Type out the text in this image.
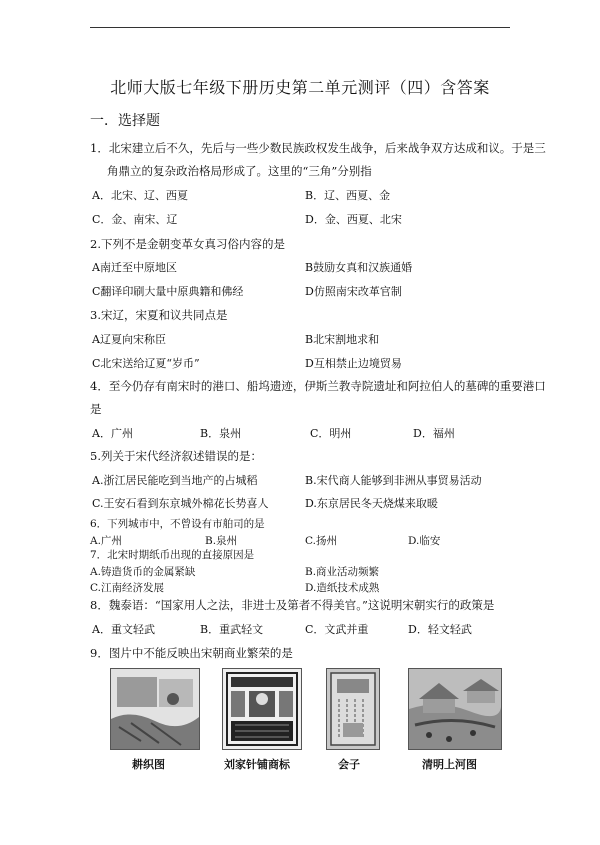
北师大版七年级下册历史第二单元测评（四）含答案
一．选择题
1．北宋建立后不久，先后与一些少数民族政权发生战争，后来战争双方达成和议。于是三
角鼎立的复杂政治格局形成了。这里的“三角”分别指
A．北宋、辽、西夏	B．辽、西夏、金
C．金、南宋、辽	D．金、西夏、北宋
2.下列不是金朝变革女真习俗内容的是
A南迁至中原地区	B鼓励女真和汉族通婚
C翻译印刷大量中原典籍和佛经	D仿照南宋改革官制
3.宋辽，宋夏和议共同点是
A辽夏向宋称臣	B北宋割地求和
C北宋送给辽夏“岁币”	D互相禁止边境贸易
4．至今仍存有南宋时的港口、船坞遗迹，伊斯兰教寺院遗址和阿拉伯人的墓碑的重要港口
是
A．广州	B．泉州	C．明州	D．福州
5.列关于宋代经济叙述错误的是：
A.浙江居民能吃到当地产的占城稻	B.宋代商人能够到非洲从事贸易活动
C.王安石看到东京城外棉花长势喜人	D.东京居民冬天烧煤来取暖
6．下列城市中，不曾设有市舶司的是
A.广州	B.泉州	C.扬州	D.临安
7．北宋时期纸币出现的直接原因是
A.铸造货币的金属紧缺	B.商业活动频繁
C.江南经济发展	D.造纸技术成熟
8．魏泰语：“国家用人之法，非进士及第者不得美官。”这说明宋朝实行的政策是
A．重文轻武	B．重武轻文	C．文武并重	D．轻文轻武
9．图片中不能反映出宋朝商业繁荣的是
耕织图	刘家针铺商标	会子	清明上河图
